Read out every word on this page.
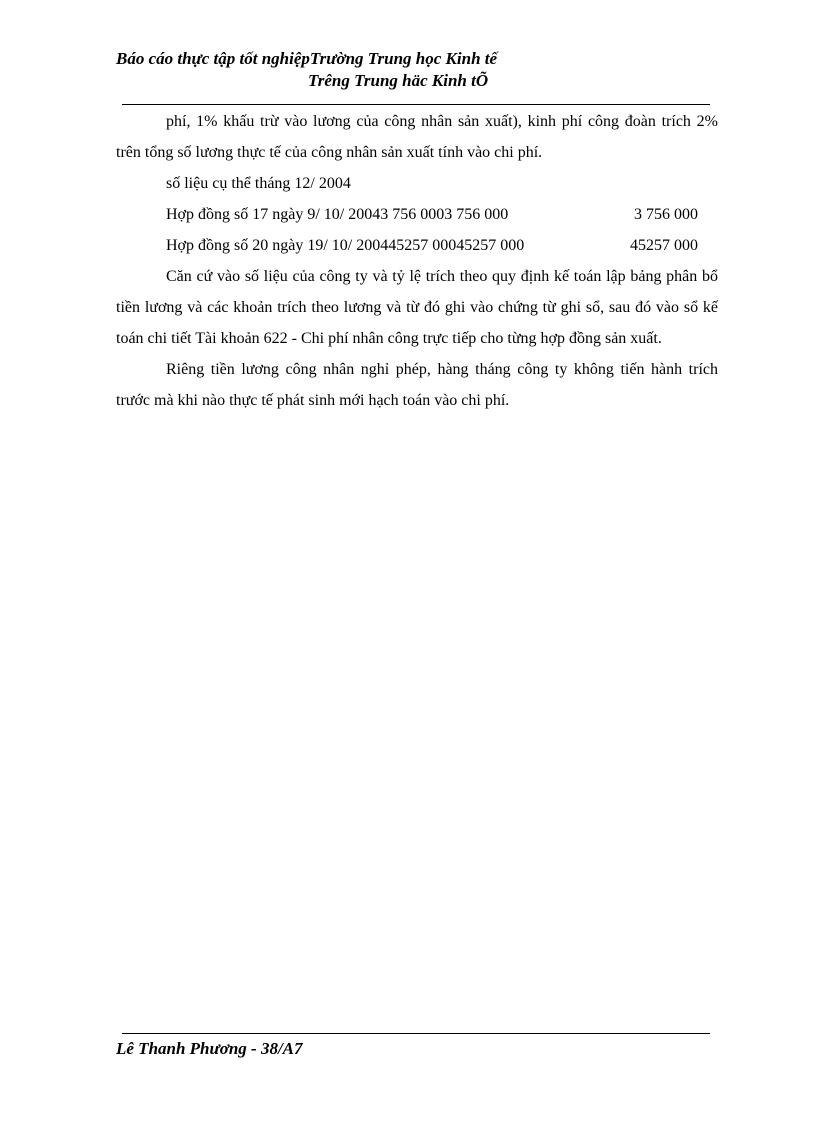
Báo cáo thực tập tốt nghiệpTrường Trung học Kinh tế
Trêng Trung häc Kinh tÕ

phí, 1% khấu trừ vào lương của công nhân sản xuất), kinh phí công đoàn trích 2% trên tổng số lương thực tế của công nhân sản xuất tính vào chi phí.

số liệu cụ thể tháng 12/ 2004

Hợp đồng số 17 ngày 9/ 10/ 20043 756 0003 756 000	3 756 000
Hợp đồng số 20 ngày 19/ 10/ 200445257 00045257 000	45257 000

Căn cứ vào số liệu của công ty và tỷ lệ trích theo quy định kế toán lập bảng phân bổ tiền lương và các khoản trích theo lương và từ đó ghi vào chứng từ ghi sổ, sau đó vào sổ kế toán chi tiết Tài khoản 622 - Chi phí nhân công trực tiếp cho từng hợp đồng sản xuất.

Riêng tiền lương công nhân nghỉ phép, hàng tháng công ty không tiến hành trích trước mà khi nào thực tế phát sinh mới hạch toán vào chi phí.

Lê Thanh Phương - 38/A7
